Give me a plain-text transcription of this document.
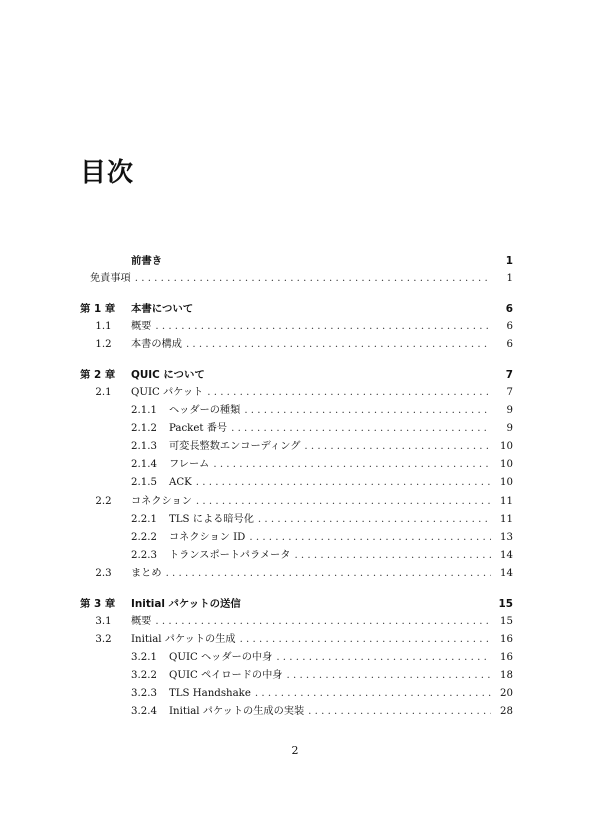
目次
前書き	1
免責事項 . . .	1
第 1 章	本書について	6
1.1	概要 . . .	6
1.2	本書の構成 . . .	6
第 2 章	QUIC について	7
2.1	QUIC パケット . . .	7
2.1.1	ヘッダーの種類 . . .	9
2.1.2	Packet 番号 . . .	9
2.1.3	可変長整数エンコーディング . . .	10
2.1.4	フレーム . . .	10
2.1.5	ACK . . .	10
2.2	コネクション . . .	11
2.2.1	TLS による暗号化 . . .	11
2.2.2	コネクション ID . . .	13
2.2.3	トランスポートパラメータ . . .	14
2.3	まとめ . . .	14
第 3 章	Initial パケットの送信	15
3.1	概要 . . .	15
3.2	Initial パケットの生成 . . .	16
3.2.1	QUIC ヘッダーの中身 . . .	16
3.2.2	QUIC ペイロードの中身 . . .	18
3.2.3	TLS Handshake . . .	20
3.2.4	Initial パケットの生成の実装 . . .	28
2
